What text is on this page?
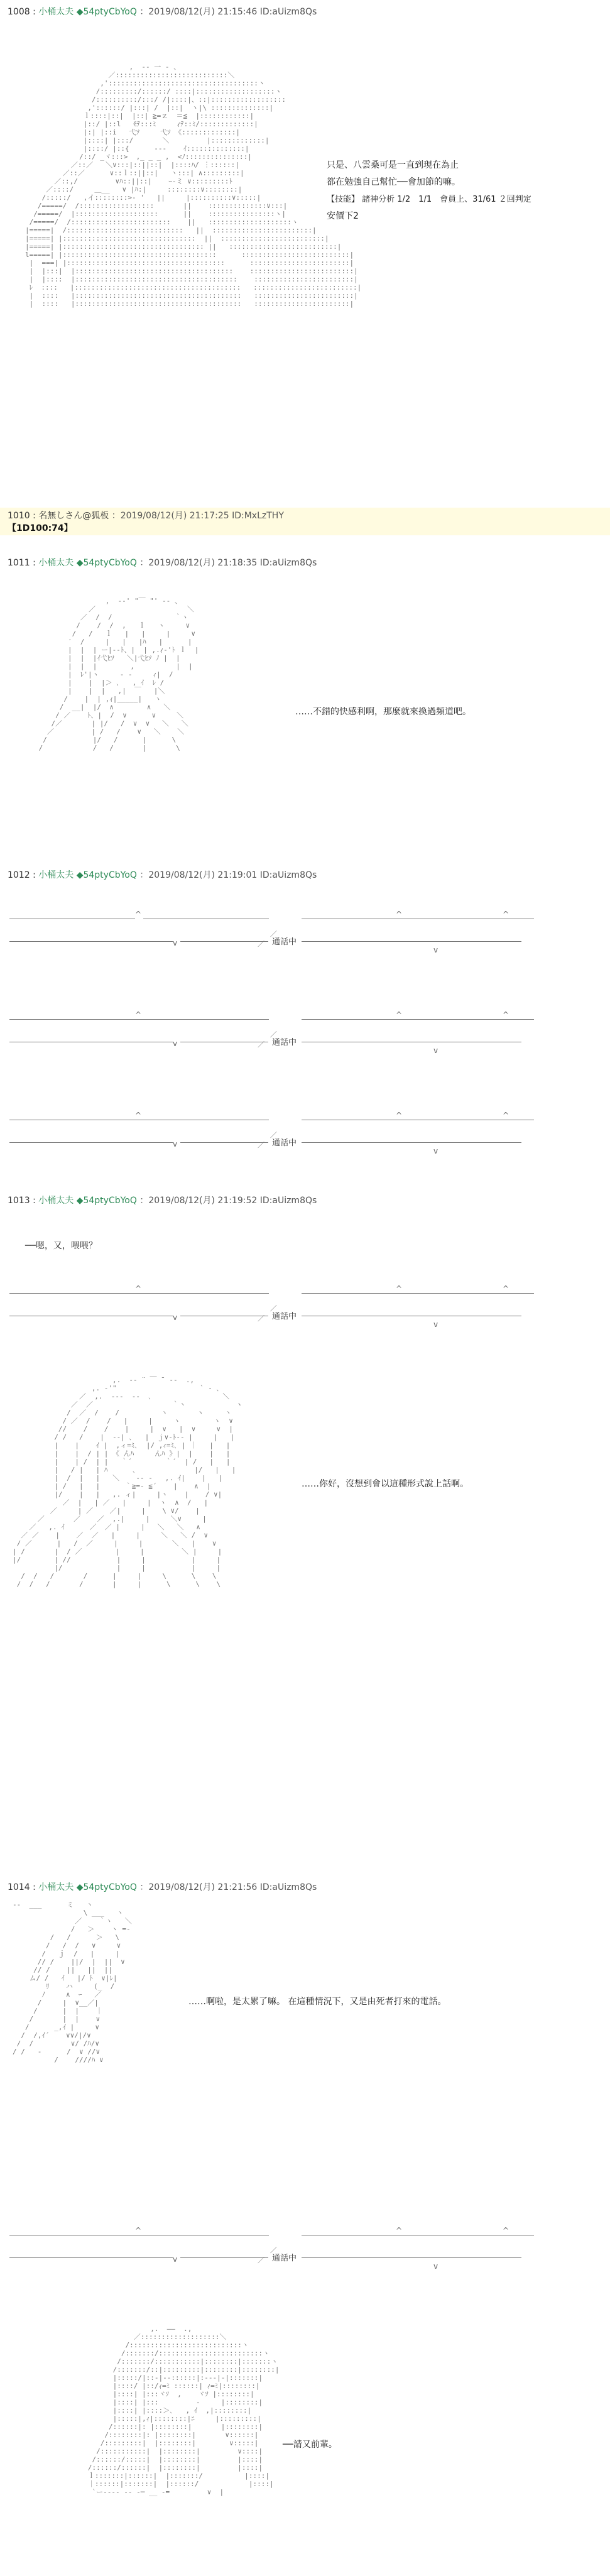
1008 : 小桶太夫 ◆54ptyCbYoQ ：2019/08/12(月) 21:15:46 ID:aUizm8Qs
,  -‐ 一 - 、
／:::::::::::::::::::::::::::＼
,'::::::::::::::::::::::::::::::::::::ヽ
/:::::::::/::::::/ ::::|:::::::::::::::::::ヽ
/::::::::::/:::/ /|::::|、::|::::::::::::::::::
,'::::::/ |:::| /  |::|  ヽ|\ ::::::::::::::|
ｌ::::|::|  |::| ≧=ｚ  ＝≦  |::::::::::::|
|::/ |::l   ﾓﾃ:::ﾐ     ｨﾃ::ﾐ/:::::::::::::|
|:| |::i   弋ｿ     弋ｿ 《:::::::::::::|
|::::| |:::/       ＼         |:::::::::::::|
|::::/ |::{      -‐-    ｲ::::::::::::::|
/::/ _ヾ:::>  ,_ _ _ ,  <ﾉ:::::::::::::::|
／::／   ＼∨:::|::||::|  |::::ﾊ/ ︙::::::|
／::／      ∨::ｌ::||::|   ヽ:::| ∧:::::::::|
／::,/         ∨ﾊ::||::|    ｰ‐ミ ∨:::::::::ﾄ
／::::/     ＿__   ∨ |ﾊ:|     ::::::::∨::::::::|
/:::::/   ,イ::::::::>- '   ||     |::::::::::∨:::::|
/=====/  /::::::::::::::::::       ||    ::::::::::::::∨:::|
/=====/  |::::::::::::::::::::      ||    ::::::::::::::::ヽ|
/=====/  /::::::::::::::::::::::::    ||   ::::::::::::::::::::ヽ
|=====|  /::::::::::::::::::::::::::::   ||  ::::::::::::::::::::::::|
|=====| |::::::::::::::::::::::::::::::::  ||  :::::::::::::::::::::::::|
|=====| |:::::::::::::::::::::::::::::::::: ||   ::::::::::::::::::::::::::|
l=====| |:::::::::::::::::::::::::::::::::::::      ::::::::::::::::::::::::::|
|  ===| |::::::::::::::::::::::::::::::::::::::      ::::::::::::::::::::::::|
|  |:::|  |::::::::::::::::::::::::::::::::::::::    :::::::::::::::::::::::::|
|  |::::  |:::::::::::::::::::::::::::::::::::::::    ::::::::::::::::::::::::|
ﾚ  ::::   |::::::::::::::::::::::::::::::::::::::::   :::::::::::::::::::::::::|
|  ::::   |::::::::::::::::::::::::::::::::::::::::   ::::::::::::::::::::::::|
|  ::::   |::::::::::::::::::::::::::::::::::::::::   :::::::::::::::::::::::|
只是、八雲桑可是一直到現在為止
都在勉強自己幫忙──會加節的嘛。
【技能】 諸神分析 1/2　1/1　會員上、31/61 ２回判定
安價下2
1010 : 名無しさん@狐板 ：2019/08/12(月) 21:17:25 ID:MxLzTHY
【1D100:74】
1011 : 小桶太夫 ◆54ptyCbYoQ ：2019/08/12(月) 21:18:35 ID:aUizm8Qs
,  -‐' "￣ "' ‐- 、
／                      ＼
／  /  /               ｀ヽ
/    /  /  ,   ｌ   ヽ     ∨
/   /   ｌ   |   |     |     ∨
′  /     |   |   |ﾊ   |      |
|  |  | ー|‐-ﾄ、|  | ,.ｨ‐'ﾄ ｌ  |
|  |  |ｲ弋ﾋｿ   ＼|弋ﾋｿ ﾉ |  |
|  |  |        ,          |  |
|  ﾚ'|ヽ     ‐ ‐     ｨ|  /
|    |  |＞ ､   , ｲ  ﾚ /
|    |  |   ,|  ￣   |＼
/    |  | ,ｨ|_____|   ヽ
/  __|  |/  ∧        ∧   ＼
/ ／    ﾄ、|  /  ∨      ∨     ＼
/／       | |/   /  ∨  ∨   ＼   ＼
／         | /   /    ∨   ＼    ＼
/           |/   /      |      \
/            /   /       |       \
……不錯的快感利啊，那麼就來換過頻道吧。
1012 : 小桶太夫 ◆54ptyCbYoQ ：2019/08/12(月) 21:19:01 ID:aUizm8Qs
^
v
／
／ 通話中
^	^
v
^
v
／
／ 通話中
^	^
v
^
v
／
／ 通話中
^	^
v
1013 : 小桶太夫 ◆54ptyCbYoQ ：2019/08/12(月) 21:19:52 ID:aUizm8Qs
──嗯，又，喂喂？
^
v
／
／ 通話中
^	^
v
,.  -‐ ¨ ￣ ¨ ‐-  .,
,. ‐'"                    ` ‐ ､
／  ,.  -‐‐  --  ､                 ＼
／  ／                   ｀ヽ            ヽ
/  ／  /    /          ヽ       ヽ     ヽ
/ ／  /    /   |     |     ヽ        ヽ  ∨
//    /    /    |     |  ∨   |  ∨     ∨  |
/ /   /    |  ‐-| ､   |  ｊ∨-ﾄ-‐ |     |   |
|    |    ｲ |  ,ィ=ﾐ､  |/ ,ｨ=ﾐ､ | ｜   |   |
|    |  / | | 《 んﾊ     んﾊ 》|  |    |   |
|    | /  | |   ｀´        ｀´  | /   |   |
|   / |   | ﾊ      ､              |/   |   |
|  /  |   |   ＼    ‐- ‐   ,. ｲ|    |   |
| /   |   |      ｀≧=‐ ≦´    |    ∧  |
|/    |   |   ,. ィ|     |ヽ    |    / ∨|
／  |   | ／   |     |  ヽ  ∧  /   |
／     | ／    ／|     |    \ ∨/    |
／       ／    ／  ,.|     |     ＼∨     |
／   ,. ｲ      ／  ／ |     |   ＼   ＼   ∧
／ ／    |    ／  ／   |     |     ＼   ＼ /  ∨
/ ／      |   /  ／     |     |       ＼   |    ∨
| /       |  / ／        |     |         ＼ |     |
|/        | //           |     |           |     |
|/             |     |           |     |
/  /   /       /      |     |     \      \    \
/  /   /       /       |     |      \      \    \
……你好，沒想到會以這種形式說上話啊。
1014 : 小桶太夫 ◆54ptyCbYoQ ：2019/08/12(月) 21:21:56 ID:aUizm8Qs
‐-  ___      ミ   ヽ
\ ___   ヽ
／    ｀ヽ   ＼
/   ＞    ヽ =-
/   /      ＞   \
/   /  /   ∨     ∨
/   ｊ  /   |     |
// /    ||/  |  ||  ∨
// /    ||   ||  ||
ム/ /   ｲ   |/ ﾄ  ∨|ﾚ|
ﾘ    ハ     (_  /
ﾉ     ∧  ｰ   ／
/     |  ∨__／|
/      |  |    ｜
/       |  |    ∨
/      _,ｲ |     ∨
/  /,ｲ´    ∨∨/|/∨
/  /         ∨/ /ﾊ/∨
/ /   -      /  ∨ //∨
/    ////ﾊ ∨
……啊啦，是太累了嘛。 在這種情況下，又是由死者打來的電話。
^
v
／
／ 通話中
^	^
v
,.  ――  .,
／:::::::::::::::::::＼
/:::::::::::::::::::::::::::ヽ
/:::::::/:::::::::::::::::::::::::ヽ
/:::::::/:::::::::::|::::::::|:::::::ヽ
/:::::::/::|:::::::::|::::::::|::::::::|
|:::::/|::-|‐-::::::|:--‐|-|:::::::|
|::::/ |::/ｨ=ﾐ ::::::| ｨ=ﾐ|::::::::|
|::::| |:::ヾｿ  ,    ヾｿ |::::::::|
|::::| |:::         ‐     |::::::::|
|::::| |::::＞､   , ｲ  ,|::::::::|
|:::::|,ｨ|::::::::|ﾆ     |:::::::::|
/::::::|: |::::::::|       |::::::::|
/::::::::|: |::::::::|       ∨::::::|
/:::::::::|  |::::::::|        ∨:::::|
/:::::::::::|  |::::::::|         ∨::::|
/::::::/:::::|  |::::::::|         |::::|
/::::::/::::::|  |::::::::|         |::::|
ｌ:::::::|::::::|  |:::::::/          |::::|
｜::::::|:::::::|  |::::::/            |::::|
`ー--‐‐ -- -─ __ ‐=         ∨  |
──請又前輩。
